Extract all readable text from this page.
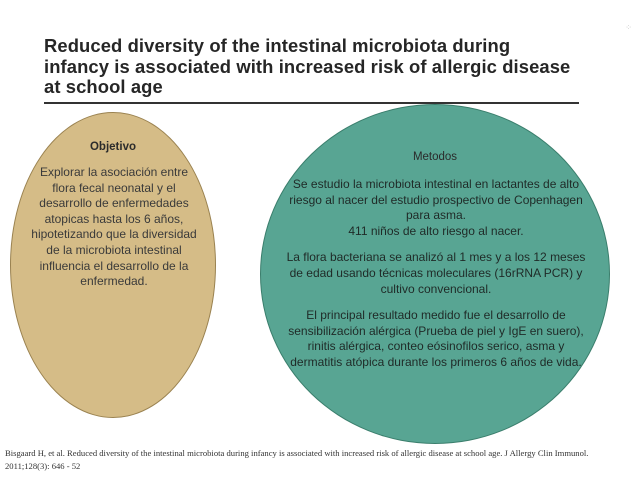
⁘
Reduced diversity of the intestinal microbiota during
infancy is associated with increased risk of allergic disease
at school age
Objetivo
Explorar la asociación entre flora fecal neonatal y el desarrollo de enfermedades atopicas hasta los 6 años, hipotetizando que la diversidad de la microbiota intestinal influencia el desarrollo de la enfermedad.
Metodos

Se estudio la microbiota intestinal en lactantes de alto riesgo al nacer del estudio prospectivo de Copenhagen para asma.
411 niños de alto riesgo al nacer.

La flora bacteriana se analizó al 1 mes y a los 12 meses de edad usando técnicas moleculares (16rRNA PCR) y cultivo convencional.

El principal resultado medido fue el desarrollo de sensibilización alérgica (Prueba de piel y IgE en suero), rinitis alérgica, conteo eósinofilos serico, asma y dermatitis atópica durante los primeros 6 años de vida.

Bisgaard H, et al. Reduced diversity of the intestinal microbiota during infancy is associated with increased risk of allergic disease at school age. J Allergy Clin Immunol. 2011;128(3): 646 - 52
